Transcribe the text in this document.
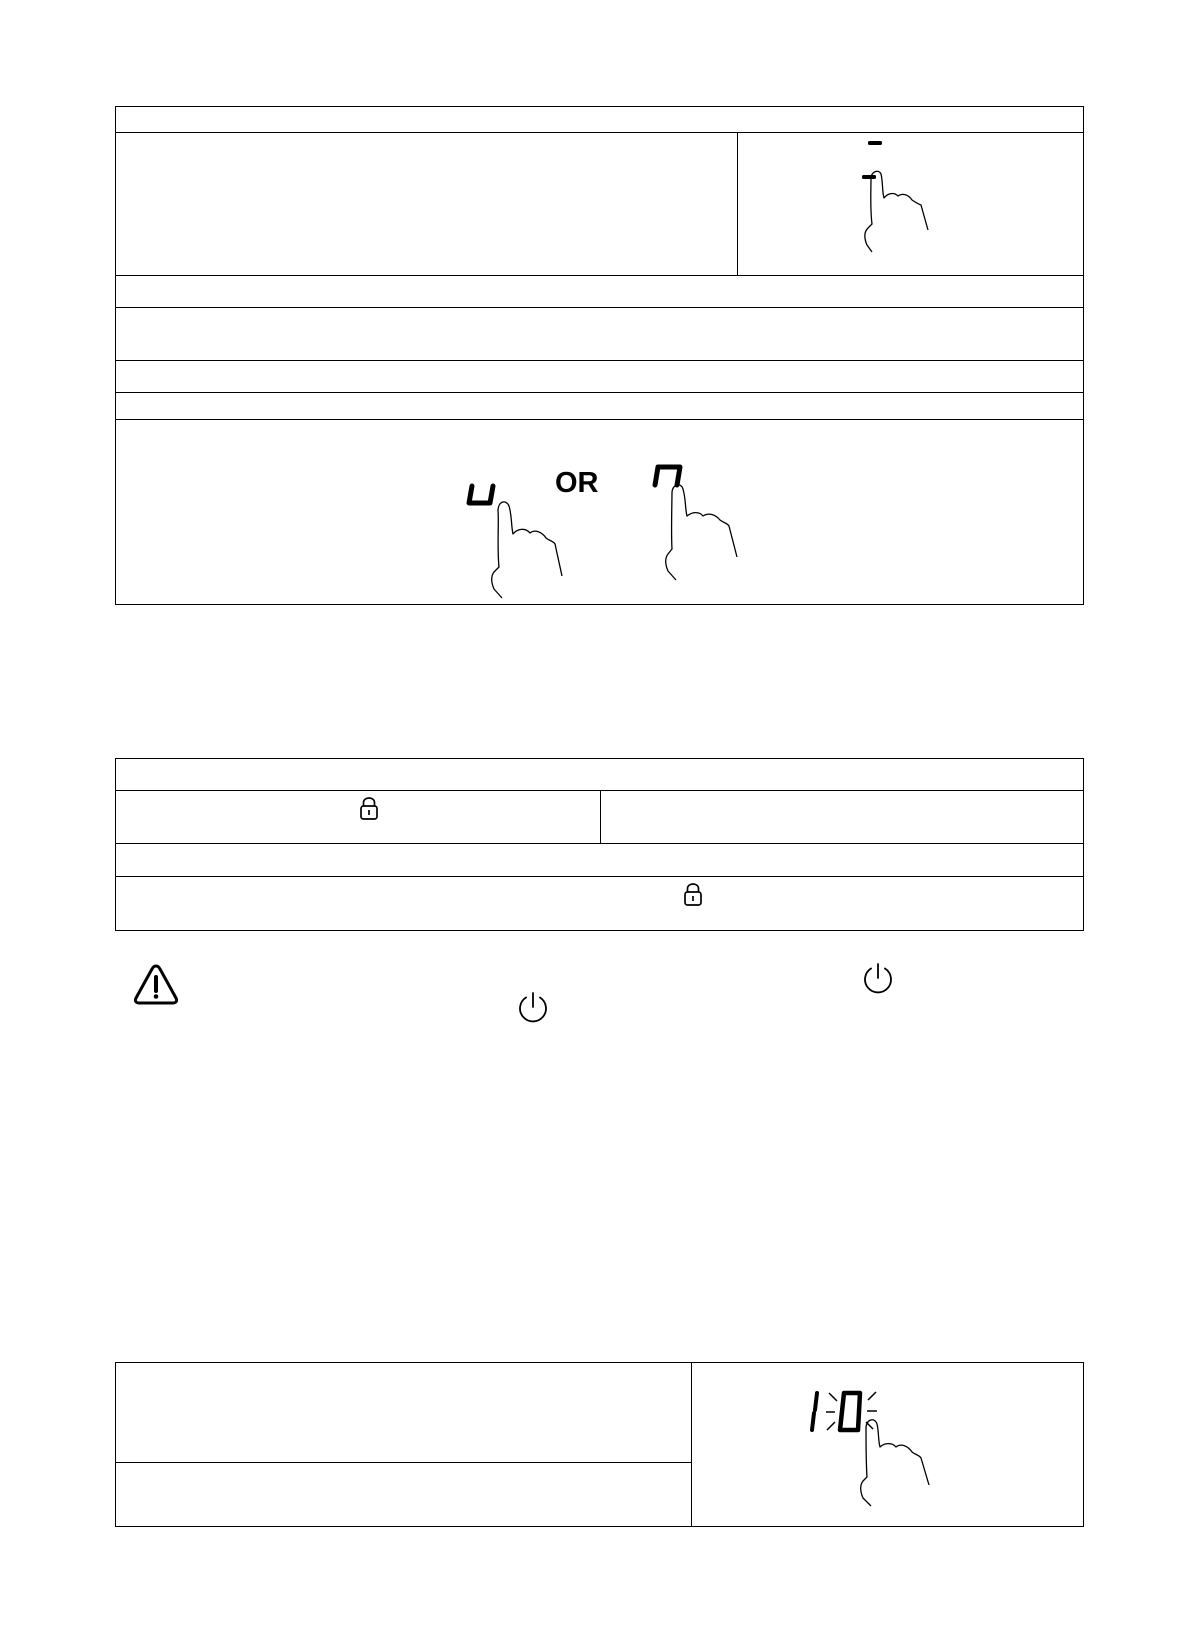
OR
